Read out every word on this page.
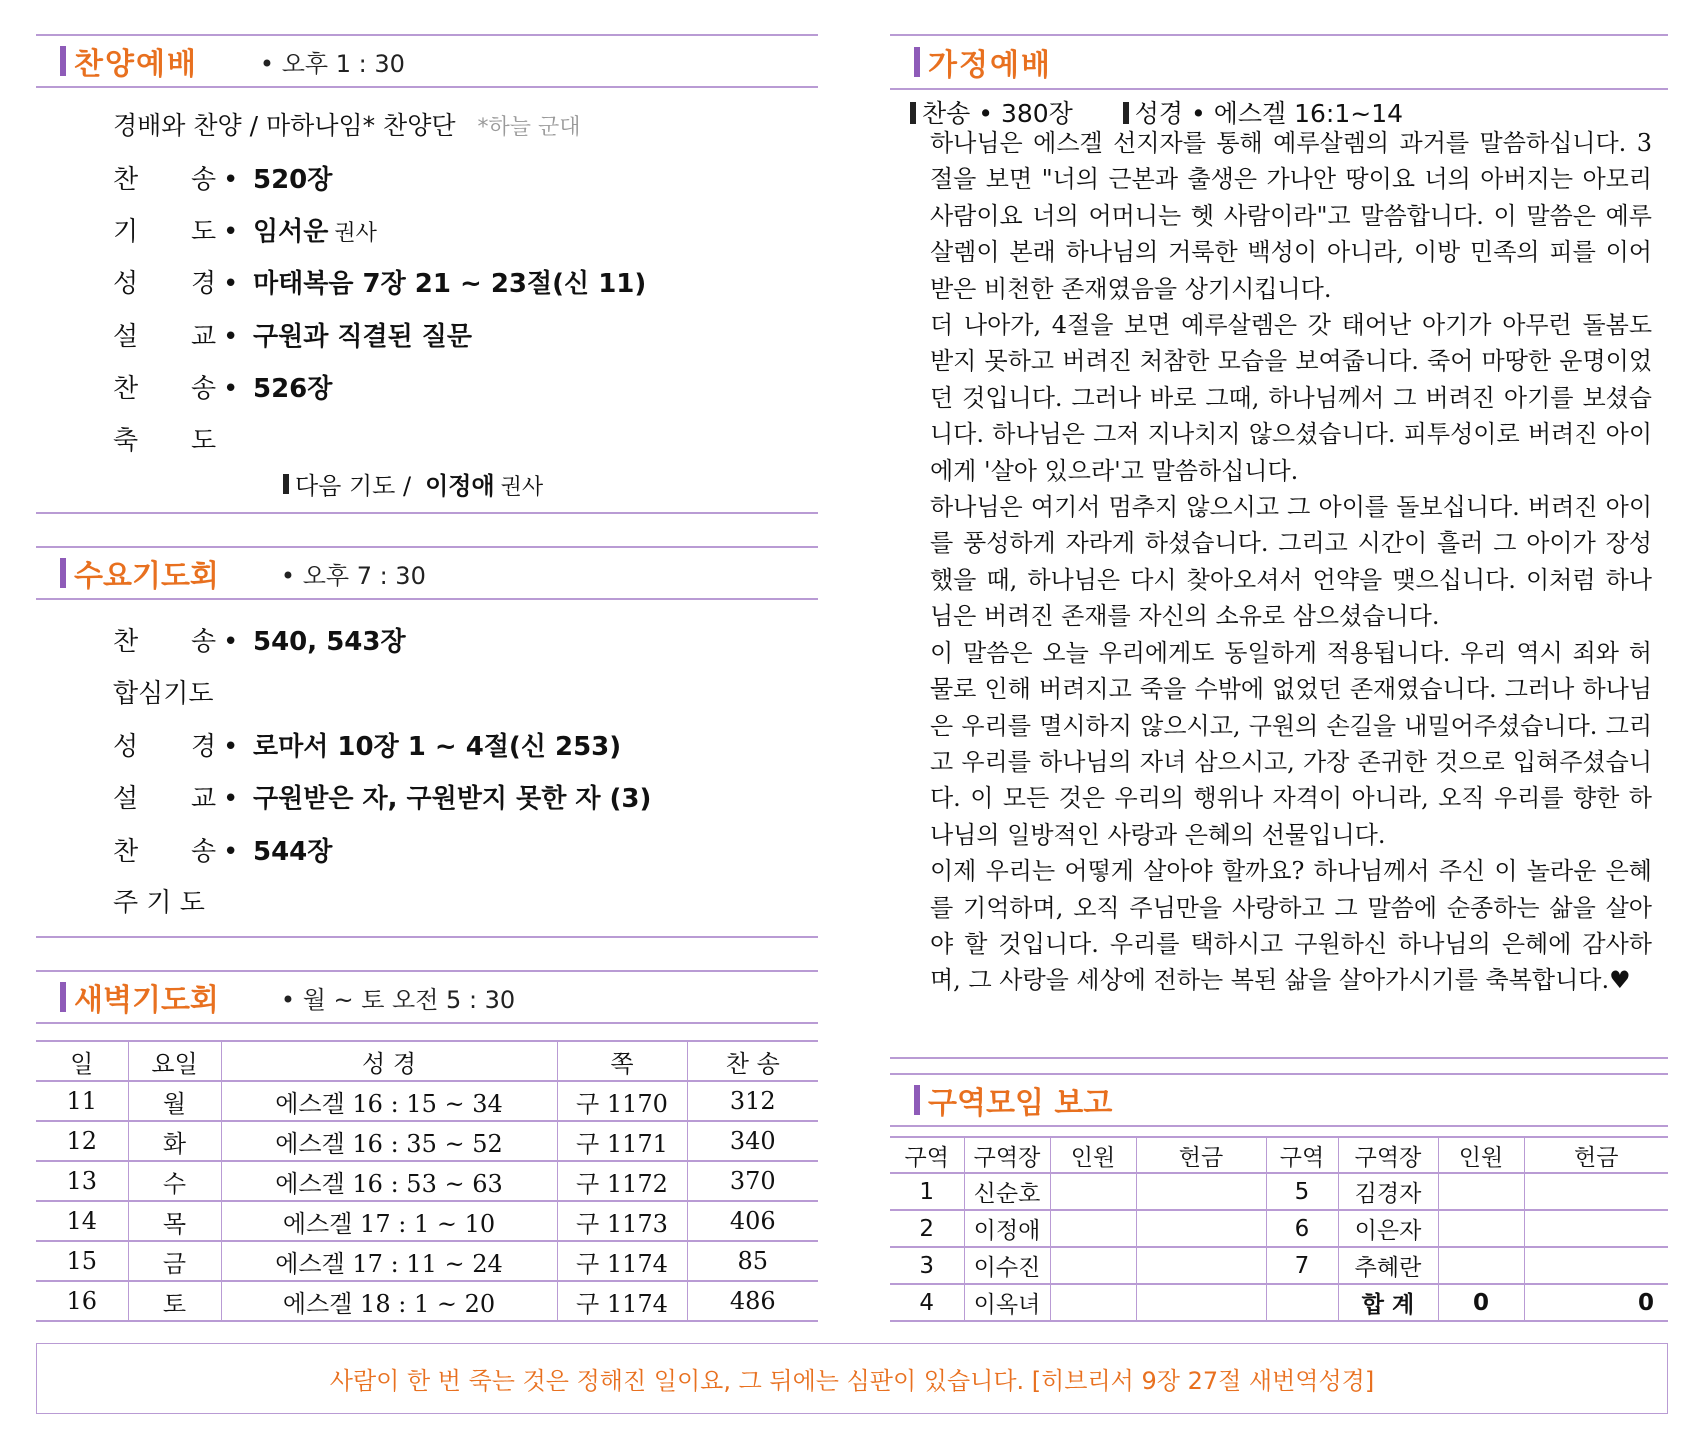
찬양예배	• 오후 1 : 30
경배와 찬양 / 마하나임* 찬양단 *하늘 군대
찬 송 • 520장
기 도 • 임서운 권사
성 경 • 마태복음 7장 21 ~ 23절(신 11)
설 교 • 구원과 직결된 질문
찬 송 • 526장
축 도
다음 기도 / 이정애 권사
수요기도회	• 오후 7 : 30
찬 송 • 540, 543장
합심기도
성 경 • 로마서 10장 1 ~ 4절(신 253)
설 교 • 구원받은 자, 구원받지 못한 자 (3)
찬 송 • 544장
주 기 도
새벽기도회	• 월 ~ 토 오전 5 : 30
일	요일	성 경	쪽	찬 송
11	월	에스겔 16 : 15 ~ 34	구 1170	312
12	화	에스겔 16 : 35 ~ 52	구 1171	340
13	수	에스겔 16 : 53 ~ 63	구 1172	370
14	목	에스겔 17 : 1 ~ 10	구 1173	406
15	금	에스겔 17 : 11 ~ 24	구 1174	85
16	토	에스겔 18 : 1 ~ 20	구 1174	486
가정예배
찬송 • 380장 성경 • 에스겔 16:1~14

하나님은 에스겔 선지자를 통해 예루살렘의 과거를 말씀하십니다. 3절을 보면 "너의 근본과 출생은 가나안 땅이요 너의 아버지는 아모리 사람이요 너의 어머니는 헷 사람이라"고 말씀합니다. 이 말씀은 예루살렘이 본래 하나님의 거룩한 백성이 아니라, 이방 민족의 피를 이어받은 비천한 존재였음을 상기시킵니다.

더 나아가, 4절을 보면 예루살렘은 갓 태어난 아기가 아무런 돌봄도 받지 못하고 버려진 처참한 모습을 보여줍니다. 죽어 마땅한 운명이었던 것입니다. 그러나 바로 그때, 하나님께서 그 버려진 아기를 보셨습니다. 하나님은 그저 지나치지 않으셨습니다. 피투성이로 버려진 아이에게 '살아 있으라'고 말씀하십니다.

하나님은 여기서 멈추지 않으시고 그 아이를 돌보십니다. 버려진 아이를 풍성하게 자라게 하셨습니다. 그리고 시간이 흘러 그 아이가 장성했을 때, 하나님은 다시 찾아오셔서 언약을 맺으십니다. 이처럼 하나님은 버려진 존재를 자신의 소유로 삼으셨습니다.

이 말씀은 오늘 우리에게도 동일하게 적용됩니다. 우리 역시 죄와 허물로 인해 버려지고 죽을 수밖에 없었던 존재였습니다. 그러나 하나님은 우리를 멸시하지 않으시고, 구원의 손길을 내밀어주셨습니다. 그리고 우리를 하나님의 자녀 삼으시고, 가장 존귀한 것으로 입혀주셨습니다. 이 모든 것은 우리의 행위나 자격이 아니라, 오직 우리를 향한 하나님의 일방적인 사랑과 은혜의 선물입니다.

이제 우리는 어떻게 살아야 할까요? 하나님께서 주신 이 놀라운 은혜를 기억하며, 오직 주님만을 사랑하고 그 말씀에 순종하는 삶을 살아야 할 것입니다. 우리를 택하시고 구원하신 하나님의 은혜에 감사하며, 그 사랑을 세상에 전하는 복된 삶을 살아가시기를 축복합니다.♥

구역모임 보고
구역	구역장	인원	헌금	구역	구역장	인원	헌금
1	신순호			5	김경자		
2	이정애			6	이은자		
3	이수진			7	추혜란		
4	이옥녀				합 계	0	0
사람이 한 번 죽는 것은 정해진 일이요, 그 뒤에는 심판이 있습니다. [히브리서 9장 27절 새번역성경]
